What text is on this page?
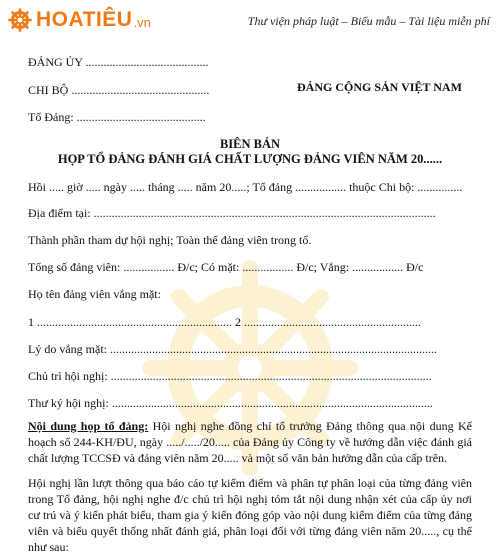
HOATIÊU .vn	Thư viện pháp luật – Biểu mẫu – Tài liệu miễn phí
ĐẢNG ỦY .........................................
CHI BỘ ..............................................
Tổ Đảng: ...........................................
ĐẢNG CỘNG SẢN VIỆT NAM
BIÊN BẢN
HỌP TỔ ĐẢNG ĐÁNH GIÁ CHẤT LƯỢNG ĐẢNG VIÊN NĂM 20......
Hồi ..... giờ ..... ngày ..... tháng ..... năm 20.....; Tổ đảng ................. thuộc Chi bộ: ...............
Địa điểm tại: ..................................................................................................................
Thành phần tham dự hội nghị; Toàn thể đảng viên trong tổ.
Tổng số đảng viên: ................. Đ/c; Có mặt: ................. Đ/c; Vắng: ................. Đ/c
Họ tên đảng viên vắng mặt:
1 ................................................................. 2 ...........................................................
Lý do vắng mặt: .............................................................................................................
Chủ trì hội nghị: ...........................................................................................................
Thư ký hội nghị: ...........................................................................................................
Nội dung họp tổ đảng: Hội nghị nghe đồng chí tổ trưởng Đảng thông qua nội dung Kế hoạch số 244-KH/ĐU, ngày ...../...../20..... của Đảng ủy Công ty về hướng dẫn việc đánh giá chất lượng TCCSĐ và đảng viên năm 20..... và một số văn bản hướng dẫn của cấp trên.
Hội nghị lần lượt thông qua báo cáo tự kiểm điểm và phân tự phân loại của từng đảng viên trong Tổ đảng, hội nghị nghe đ/c chủ trì hội nghị tóm tắt nội dung nhận xét của cấp ủy nơi cư trú và ý kiến phát biểu, tham gia ý kiến đóng góp vào nội dung kiểm điểm của từng đảng viên và biểu quyết thống nhất đánh giá, phân loại đối với từng đảng viên năm 20....., cụ thể như sau:
